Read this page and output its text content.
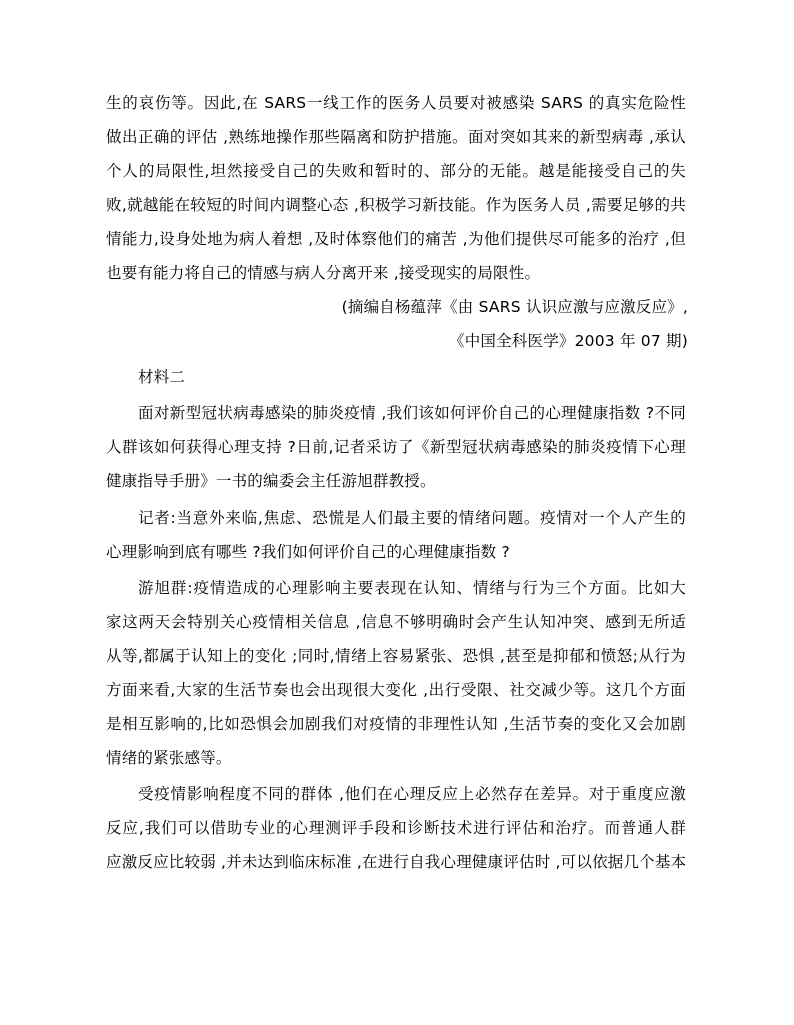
生的哀伤等。因此,在 SARS一线工作的医务人员要对被感染 SARS 的真实危险性
做出正确的评估 ,熟练地操作那些隔离和防护措施。面对突如其来的新型病毒 ,承认
个人的局限性,坦然接受自己的失败和暂时的、部分的无能。越是能接受自己的失
败,就越能在较短的时间内调整心态 ,积极学习新技能。作为医务人员 ,需要足够的共
情能力,设身处地为病人着想 ,及时体察他们的痛苦 ,为他们提供尽可能多的治疗 ,但
也要有能力将自己的情感与病人分离开来 ,接受现实的局限性。
(摘编自杨蕴萍《由 SARS 认识应激与应激反应》,
《中国全科医学》2003 年 07 期)
材料二
面对新型冠状病毒感染的肺炎疫情 ,我们该如何评价自己的心理健康指数 ?不同
人群该如何获得心理支持 ?日前,记者采访了《新型冠状病毒感染的肺炎疫情下心理
健康指导手册》一书的编委会主任游旭群教授。
记者:当意外来临,焦虑、恐慌是人们最主要的情绪问题。疫情对一个人产生的
心理影响到底有哪些 ?我们如何评价自己的心理健康指数 ?
游旭群:疫情造成的心理影响主要表现在认知、情绪与行为三个方面。比如大
家这两天会特别关心疫情相关信息 ,信息不够明确时会产生认知冲突、感到无所适
从等,都属于认知上的变化 ;同时,情绪上容易紧张、恐惧 ,甚至是抑郁和愤怒;从行为
方面来看,大家的生活节奏也会出现很大变化 ,出行受限、社交减少等。这几个方面
是相互影响的,比如恐惧会加剧我们对疫情的非理性认知 ,生活节奏的变化又会加剧
情绪的紧张感等。
受疫情影响程度不同的群体 ,他们在心理反应上必然存在差异。对于重度应激
反应,我们可以借助专业的心理测评手段和诊断技术进行评估和治疗。而普通人群
应激反应比较弱 ,并未达到临床标准 ,在进行自我心理健康评估时 ,可以依据几个基本
